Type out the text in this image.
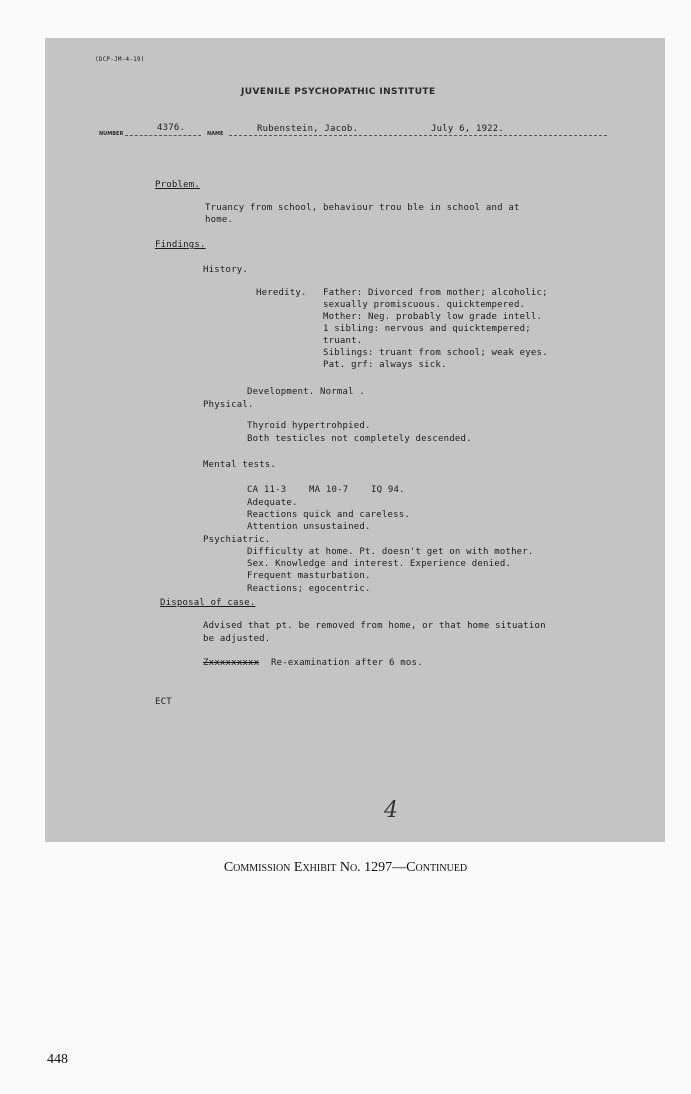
(DCP-JM-4-19)
JUVENILE PSYCHOPATHIC INSTITUTE
NUMBER
4376.
NAME	Rubenstein, Jacob.	July 6, 1922.
Problem.
Truancy from school, behaviour trou ble in school and at
home.
Findings.
History.
Heredity. Father: Divorced from mother; alcoholic;
sexually promiscuous. quicktempered.
Mother: Neg. probably low grade intell.
1 sibling: nervous and quicktempered;
truant.
Siblings: truant from school; weak eyes.
Pat. grf: always sick.
Development. Normal .
Physical.
Thyroid hypertrohpied.
Both testicles not completely descended.
Mental tests.
CA 11-3	MA 10-7	IQ 94.
Adequate.
Reactions quick and careless.
Attention unsustained.
Psychiatric.
Difficulty at home. Pt. doesn't get on with mother.
Sex. Knowledge and interest. Experience denied.
Frequent masturbation.
Reactions; egocentric.
Disposal of case.
Advised that pt. be removed from home, or that home situation
be adjusted.
Zxxxxxxxxx Re-examination after 6 mos.
ECT
4
Commission Exhibit No. 1297—Continued
448
